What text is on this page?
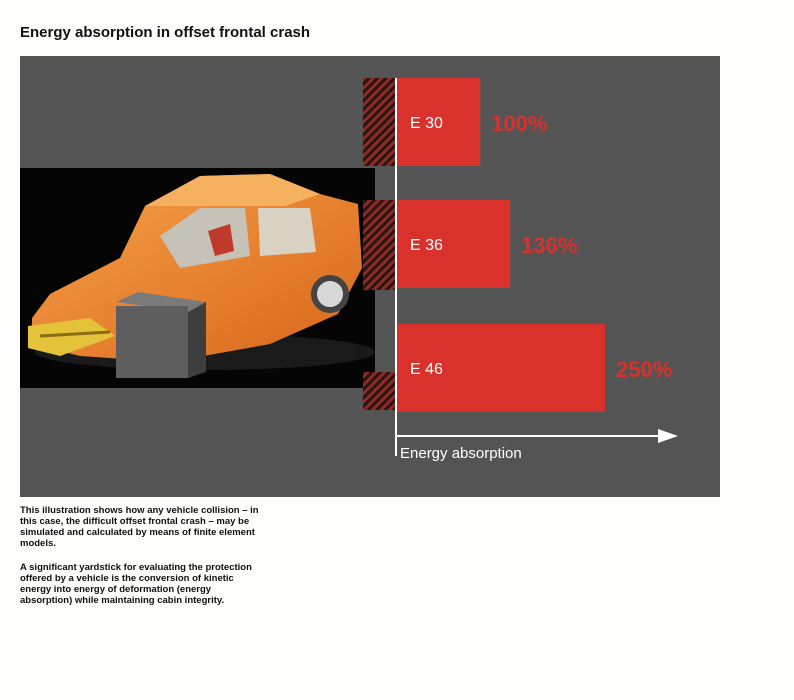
Energy absorption in offset frontal crash
Energy absorption
E 30 100%
E 36	136%
E 46	250%

This illustration shows how any vehicle collision – in this case, the difficult offset frontal crash – may be simulated and calculated by means of finite element models.

A significant yardstick for evaluating the protection offered by a vehicle is the conversion of kinetic energy into energy of deformation (energy absorption) while maintaining cabin integrity.
